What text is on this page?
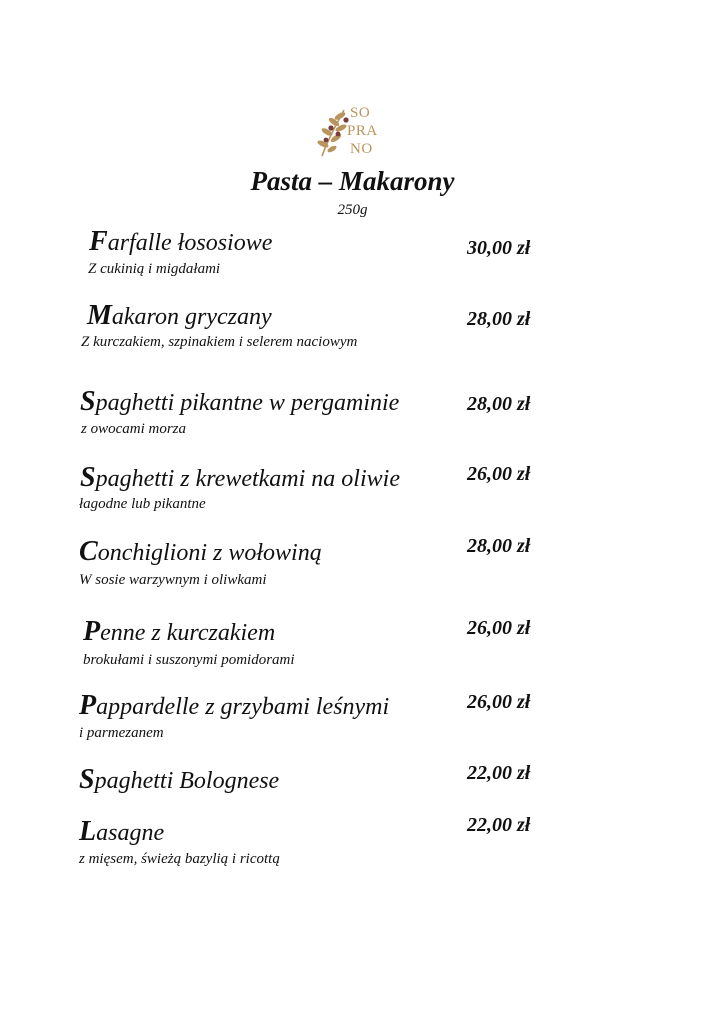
SO
PRA
NO
Pasta – Makarony
250g
Farfalle łososiowe
Z cukinią i migdałami
30,00 zł
Makaron gryczany
Z kurczakiem, szpinakiem i selerem naciowym
28,00 zł
Spaghetti pikantne w pergaminie
z owocami morza
28,00 zł
Spaghetti z krewetkami na oliwie
łagodne lub pikantne
26,00 zł
Conchiglioni z wołowiną
W sosie warzywnym i oliwkami
28,00 zł
Penne z kurczakiem
brokułami i suszonymi pomidorami
26,00 zł
Pappardelle z grzybami leśnymi
i parmezanem
26,00 zł
Spaghetti Bolognese	22,00 zł
Lasagne
z mięsem, świeżą bazylią i ricottą
22,00 zł
